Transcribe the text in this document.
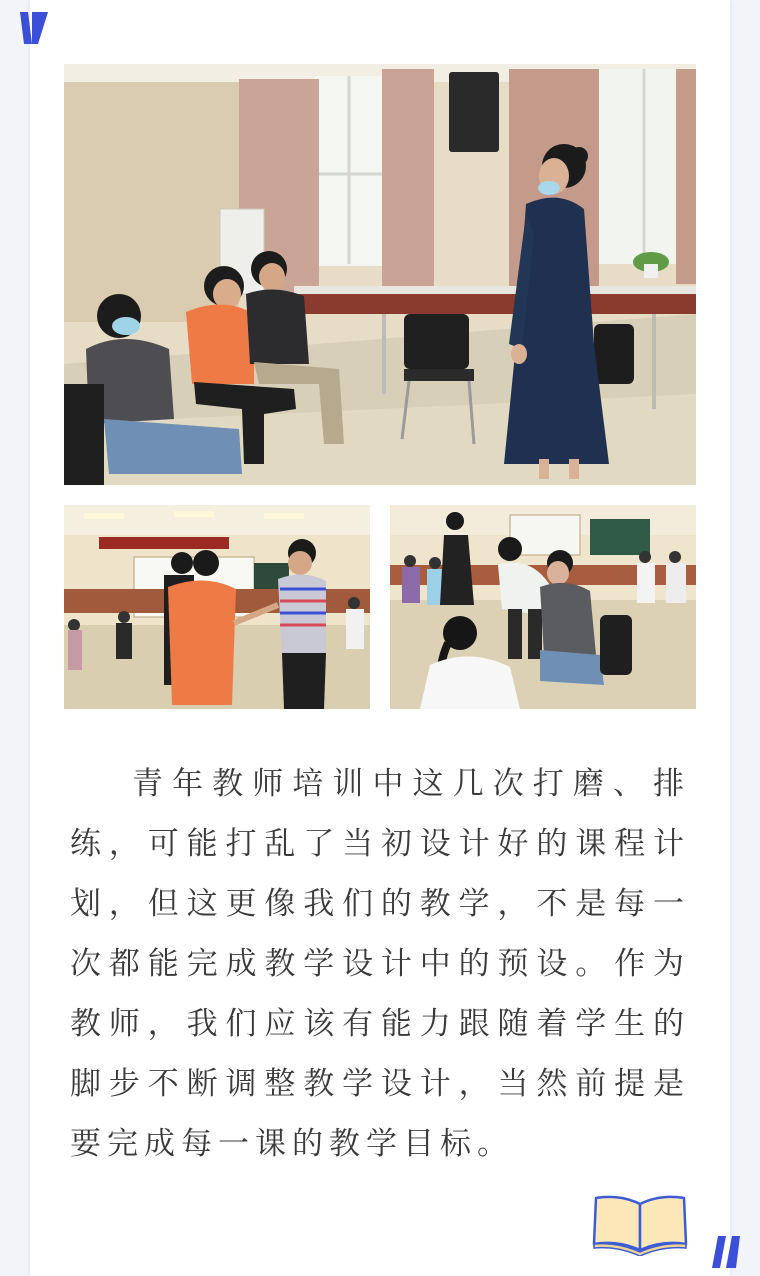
青年教师培训中这几次打磨、排练，可能打乱了当初设计好的课程计划，但这更像我们的教学，不是每一次都能完成教学设计中的预设。作为教师，我们应该有能力跟随着学生的脚步不断调整教学设计，当然前提是要完成每一课的教学目标。
